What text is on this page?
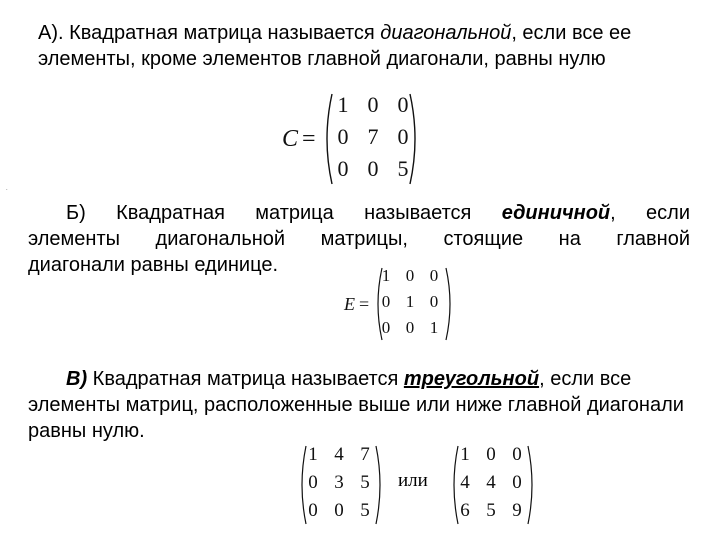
.

А). Квадратная матрица называется диагональной, если все ее элементы, кроме элементов главной диагонали, равны нулю

C =
1 0 0
0 7 0
0 0 5
Б) Квадратная матрица называется единичной, если
элементы диагональной матрицы, стоящие на главной
диагонали равны единице.
E =
1 0 0
0 1 0
0 0 1

В) Квадратная матрица называется треугольной, если все элементы матриц, расположенные выше или ниже главной диагонали равны нулю.

1 4 7
0 3 5
0 0 5
или
1 0 0
4 4 0
6 5 9
